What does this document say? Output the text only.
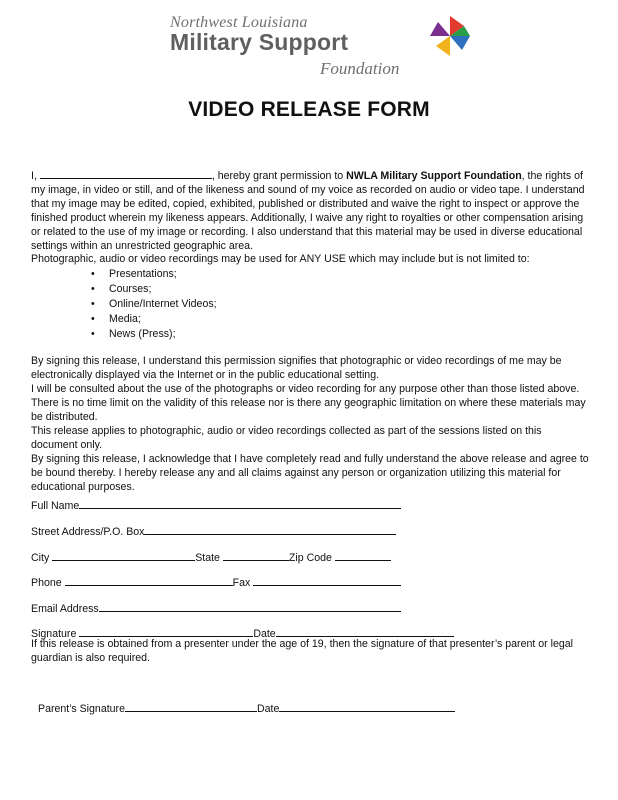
Northwest Louisiana
Military Support
Foundation
VIDEO RELEASE FORM

I,	, hereby grant permission to NWLA Military Support Foundation, the rights of my image, in video or still, and of the likeness and sound of my voice as recorded on audio or video tape. I understand that my image may be edited, copied, exhibited, published or distributed and waive the right to inspect or approve the finished product wherein my likeness appears. Additionally, I waive any right to royalties or other compensation arising or related to the use of my image or recording. I also understand that this material may be used in diverse educational settings within an unrestricted geographic area.

Photographic, audio or video recordings may be used for ANY USE which may include but is not limited to:

• Presentations;
• Courses;
• Online/Internet Videos;
• Media;
• News (Press);

By signing this release, I understand this permission signifies that photographic or video recordings of me may be electronically displayed via the Internet or in the public educational setting.

I will be consulted about the use of the photographs or video recording for any purpose other than those listed above.

There is no time limit on the validity of this release nor is there any geographic limitation on where these materials may be distributed.

This release applies to photographic, audio or video recordings collected as part of the sessions listed on this document only.

By signing this release, I acknowledge that I have completely read and fully understand the above release and agree to be bound thereby. I hereby release any and all claims against any person or organization utilizing this material for educational purposes.

Full Name
Street Address/P.O. Box
City	State	Zip Code
Phone	Fax
Email Address
Signature	Date
If this release is obtained from a presenter under the age of 19, then the signature of that presenter’s parent or legal guardian is also required.
Parent’s Signature	Date
